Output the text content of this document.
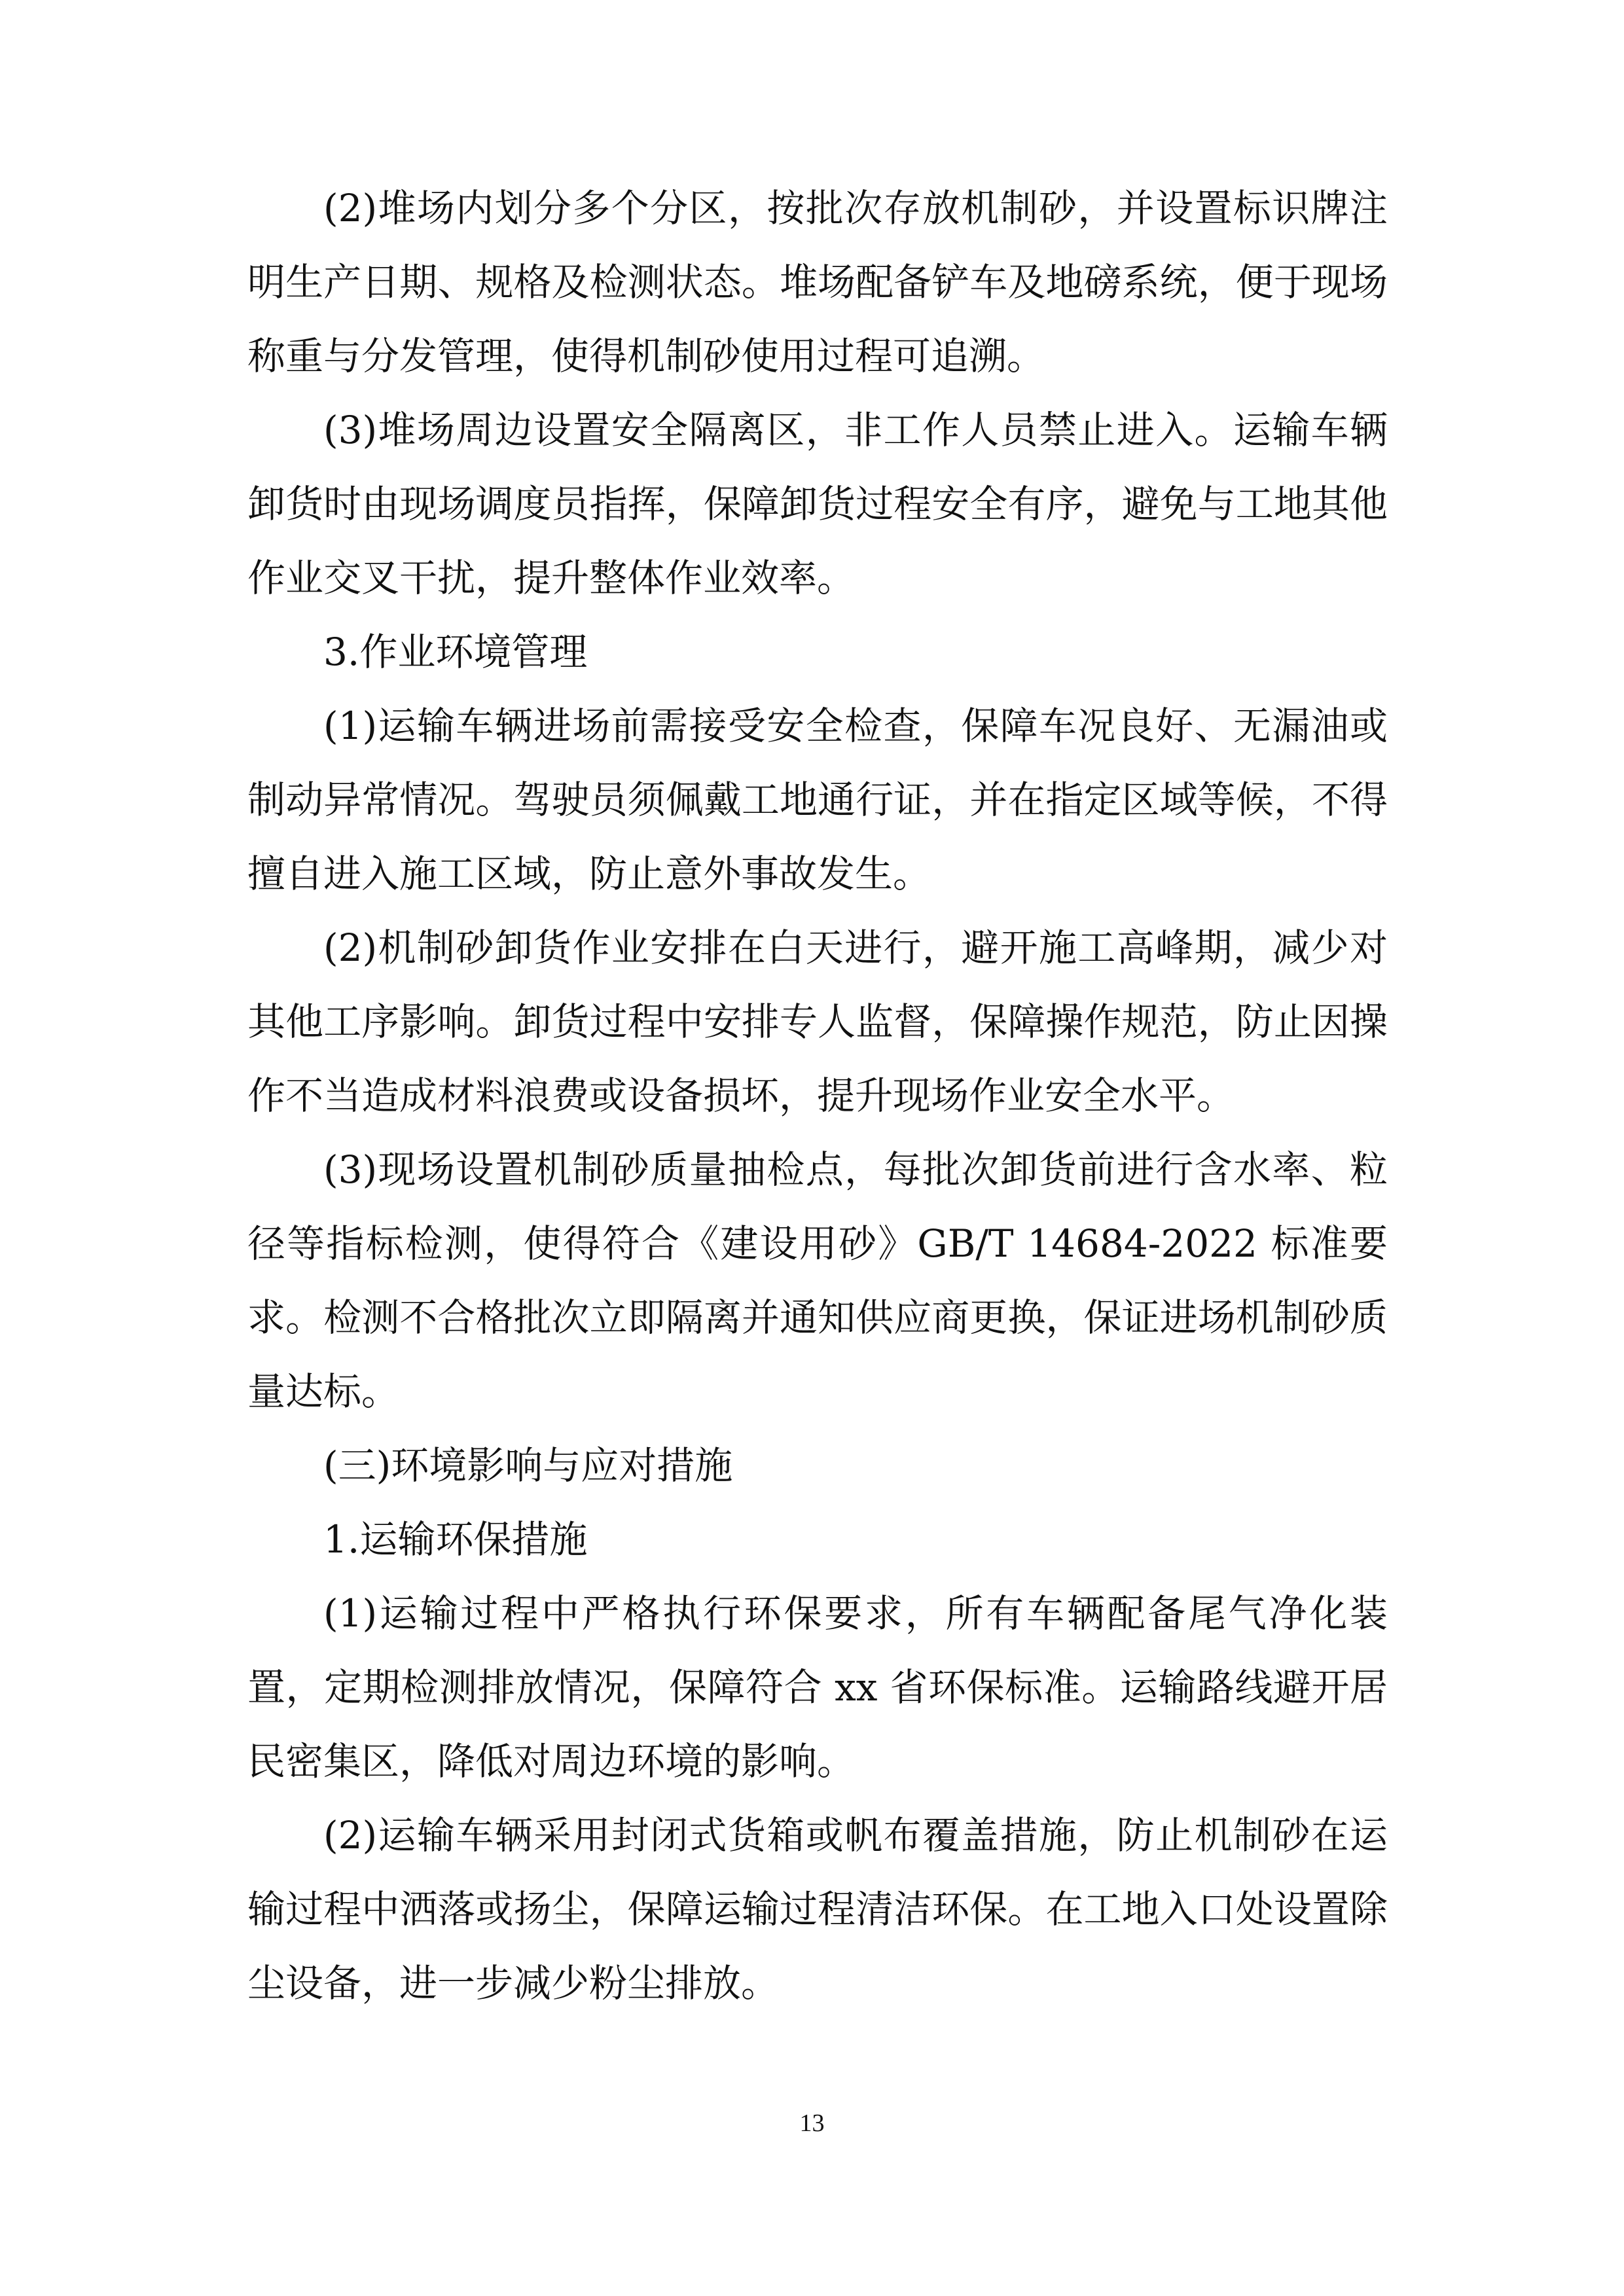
(2)堆场内划分多个分区，按批次存放机制砂，并设置标识牌注明生产日期、规格及检测状态。堆场配备铲车及地磅系统，便于现场称重与分发管理，使得机制砂使用过程可追溯。

(3)堆场周边设置安全隔离区，非工作人员禁止进入。运输车辆卸货时由现场调度员指挥，保障卸货过程安全有序，避免与工地其他作业交叉干扰，提升整体作业效率。

3.作业环境管理

(1)运输车辆进场前需接受安全检查，保障车况良好、无漏油或制动异常情况。驾驶员须佩戴工地通行证，并在指定区域等候，不得擅自进入施工区域，防止意外事故发生。

(2)机制砂卸货作业安排在白天进行，避开施工高峰期，减少对其他工序影响。卸货过程中安排专人监督，保障操作规范，防止因操作不当造成材料浪费或设备损坏，提升现场作业安全水平。

(3)现场设置机制砂质量抽检点，每批次卸货前进行含水率、粒径等指标检测，使得符合《建设用砂》GB/T 14684-2022 标准要求。检测不合格批次立即隔离并通知供应商更换，保证进场机制砂质量达标。

(三)环境影响与应对措施

1.运输环保措施

(1)运输过程中严格执行环保要求，所有车辆配备尾气净化装置，定期检测排放情况，保障符合 xx 省环保标准。运输路线避开居民密集区，降低对周边环境的影响。

(2)运输车辆采用封闭式货箱或帆布覆盖措施，防止机制砂在运输过程中洒落或扬尘，保障运输过程清洁环保。在工地入口处设置除尘设备，进一步减少粉尘排放。

13
